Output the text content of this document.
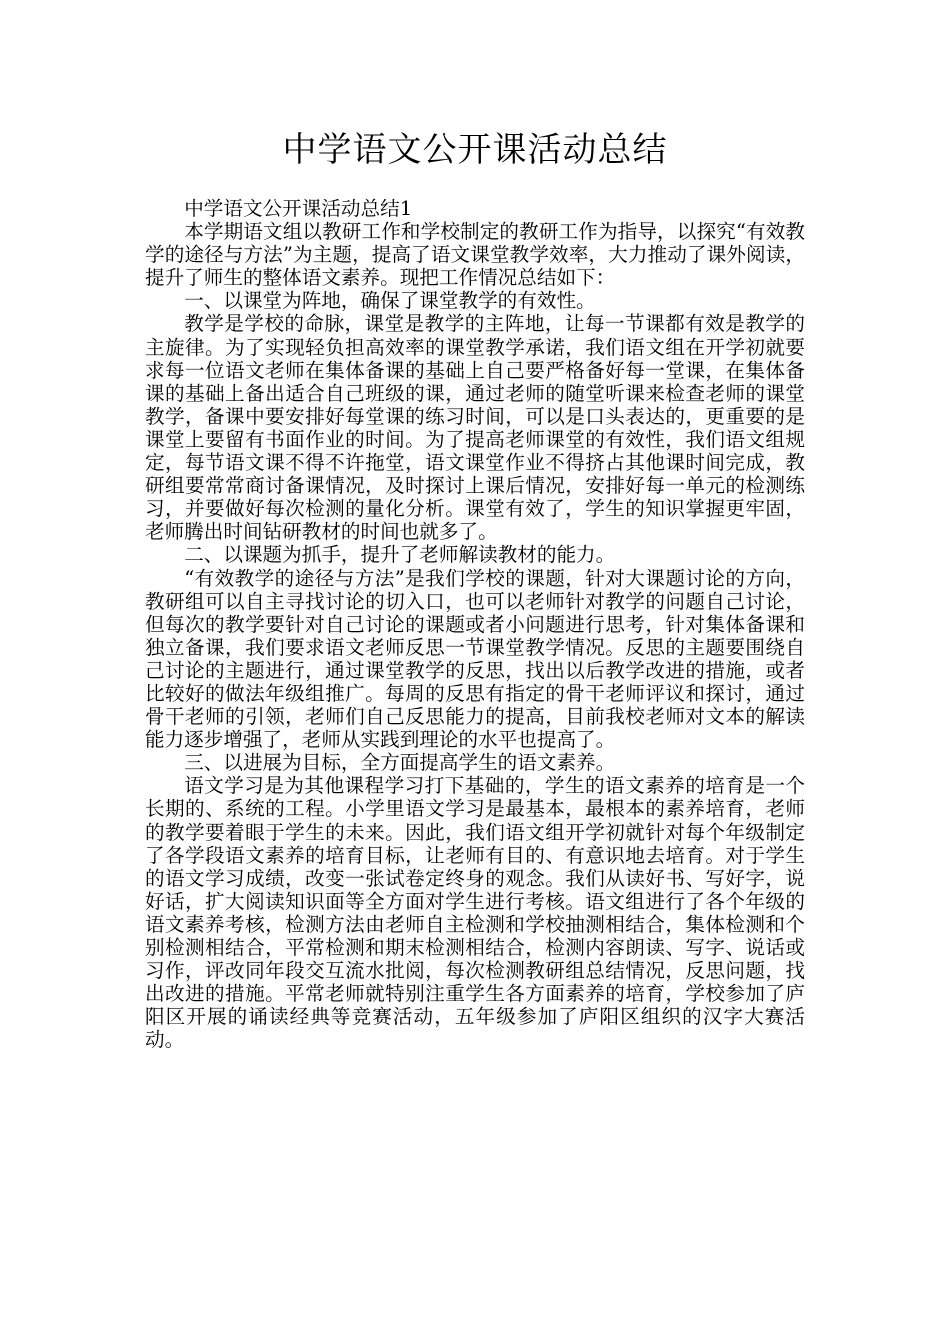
中学语文公开课活动总结

中学语文公开课活动总结1

本学期语文组以教研工作和学校制定的教研工作为指导，以探究“有效教学的途径与方法”为主题，提高了语文课堂教学效率，大力推动了课外阅读，提升了师生的整体语文素养。现把工作情况总结如下：

一、以课堂为阵地，确保了课堂教学的有效性。

教学是学校的命脉，课堂是教学的主阵地，让每一节课都有效是教学的主旋律。为了实现轻负担高效率的课堂教学承诺，我们语文组在开学初就要求每一位语文老师在集体备课的基础上自己要严格备好每一堂课，在集体备课的基础上备出适合自己班级的课，通过老师的随堂听课来检查老师的课堂教学，备课中要安排好每堂课的练习时间，可以是口头表达的，更重要的是课堂上要留有书面作业的时间。为了提高老师课堂的有效性，我们语文组规定，每节语文课不得不许拖堂，语文课堂作业不得挤占其他课时间完成，教研组要常常商讨备课情况，及时探讨上课后情况，安排好每一单元的检测练习，并要做好每次检测的量化分析。课堂有效了，学生的知识掌握更牢固，老师腾出时间钻研教材的时间也就多了。

二、以课题为抓手，提升了老师解读教材的能力。

“有效教学的途径与方法”是我们学校的课题，针对大课题讨论的方向，教研组可以自主寻找讨论的切入口，也可以老师针对教学的问题自己讨论，但每次的教学要针对自己讨论的课题或者小问题进行思考，针对集体备课和独立备课，我们要求语文老师反思一节课堂教学情况。反思的主题要围绕自己讨论的主题进行，通过课堂教学的反思，找出以后教学改进的措施，或者比较好的做法年级组推广。每周的反思有指定的骨干老师评议和探讨，通过骨干老师的引领，老师们自己反思能力的提高，目前我校老师对文本的解读能力逐步增强了，老师从实践到理论的水平也提高了。

三、以进展为目标，全方面提高学生的语文素养。

语文学习是为其他课程学习打下基础的，学生的语文素养的培育是一个长期的、系统的工程。小学里语文学习是最基本，最根本的素养培育，老师的教学要着眼于学生的未来。因此，我们语文组开学初就针对每个年级制定了各学段语文素养的培育目标，让老师有目的、有意识地去培育。对于学生的语文学习成绩，改变一张试卷定终身的观念。我们从读好书、写好字，说好话，扩大阅读知识面等全方面对学生进行考核。语文组进行了各个年级的语文素养考核，检测方法由老师自主检测和学校抽测相结合，集体检测和个别检测相结合，平常检测和期末检测相结合，检测内容朗读、写字、说话或习作，评改同年段交互流水批阅，每次检测教研组总结情况，反思问题，找出改进的措施。平常老师就特别注重学生各方面素养的培育，学校参加了庐阳区开展的诵读经典等竞赛活动，五年级参加了庐阳区组织的汉字大赛活动。
